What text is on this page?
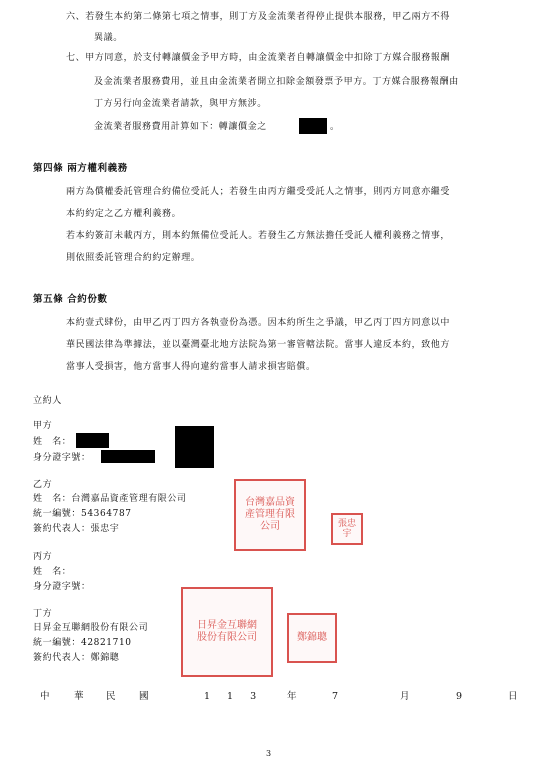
六、若發生本約第二條第七項之情事，則丁方及金流業者得停止提供本服務，甲乙兩方不得
異議。
七、甲方同意，於支付轉讓價金予甲方時，由金流業者自轉讓價金中扣除丁方媒合服務報酬
及金流業者服務費用，並且由金流業者開立扣除金額發票予甲方。丁方媒合服務報酬由
丁方另行向金流業者請款，與甲方無涉。
金流業者服務費用計算如下：轉讓價金之	。
第四條 兩方權利義務
兩方為償權委託管理合約備位受託人；若發生由丙方繼受受託人之情事，則丙方同意亦繼受
本約約定之乙方權利義務。
若本約簽訂未載丙方，則本約無備位受託人。若發生乙方無法擔任受託人權利義務之情事，
則依照委託管理合約約定辦理。
第五條 合約份數
本約壹式肆份，由甲乙丙丁四方各執壹份為憑。因本約所生之爭議，甲乙丙丁四方同意以中
華民國法律為準據法，並以臺灣臺北地方法院為第一審管轄法院。當事人違反本約，致他方
當事人受損害，他方當事人得向違約當事人請求損害賠償。
立約人
甲方
姓　名：
身分證字號：
乙方
姓　名：台灣嘉品資產管理有限公司
統一編號：54364787
簽約代表人：張忠宇
台灣嘉品資產管理有限公司	張忠宇
丙方
姓　名：
身分證字號：
丁方
日昇金互聯網股份有限公司
統一編號：42821710
簽約代表人：鄭錦聰
日昇金互聯網股份有限公司	鄭錦聰
中	華 民 國	113 年	7	月	9	日
3
